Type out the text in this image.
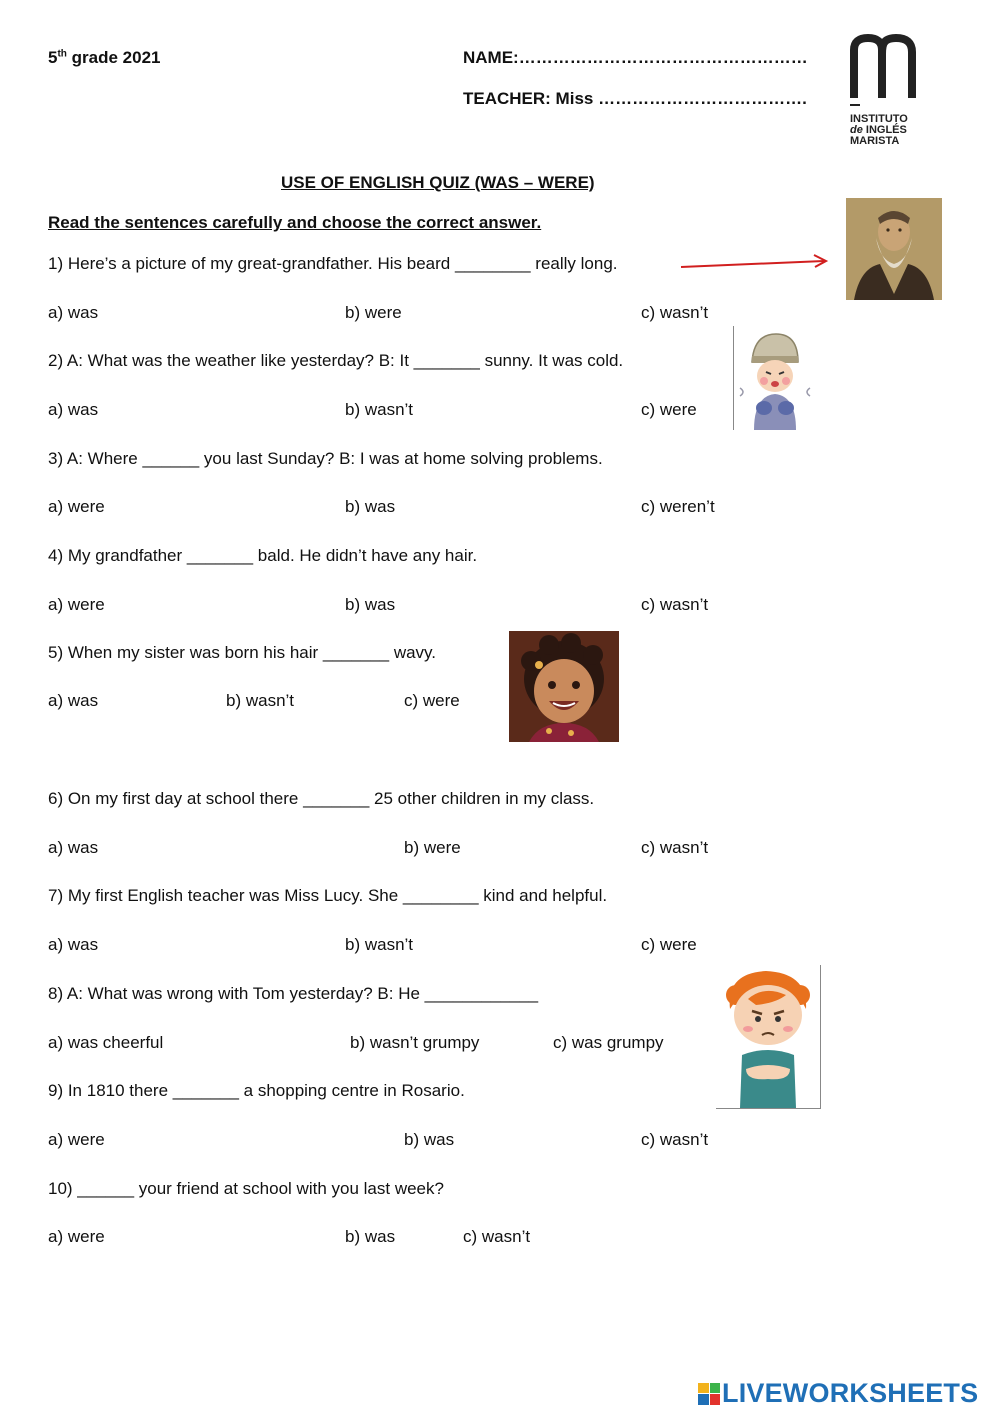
5th grade 2021	NAME:……………………………………………
TEACHER: Miss ……………………………….
INSTITUTO
de INGLÉS
MARISTA
USE OF ENGLISH QUIZ (WAS – WERE)
Read the sentences carefully and choose the correct answer.
1) Here’s a picture of my great-grandfather. His beard ________ really long.
a) was	b) were	c) wasn’t
2) A: What was the weather like yesterday? B: It _______ sunny. It was cold.
a) was	b) wasn’t	c) were
3) A: Where ______ you last Sunday? B: I was at home solving problems.
a) were	b) was	c) weren’t
4) My grandfather _______ bald. He didn’t have any hair.
a) were	b) was	c) wasn’t
5) When my sister was born his hair _______ wavy.
a) was	b) wasn’t	c) were
6) On my first day at school there _______ 25 other children in my class.
a) was	b) were	c) wasn’t
7) My first English teacher was Miss Lucy. She ________ kind and helpful.
a) was	b) wasn’t	c) were
8) A: What was wrong with Tom yesterday? B: He ____________
a) was cheerful	b) wasn’t grumpy	c) was grumpy
9) In 1810 there _______ a shopping centre in Rosario.
a) were	b) was	c) wasn’t
10) ______ your friend at school with you last week?
a) were	b) was	c) wasn’t
LIVEWORKSHEETS
